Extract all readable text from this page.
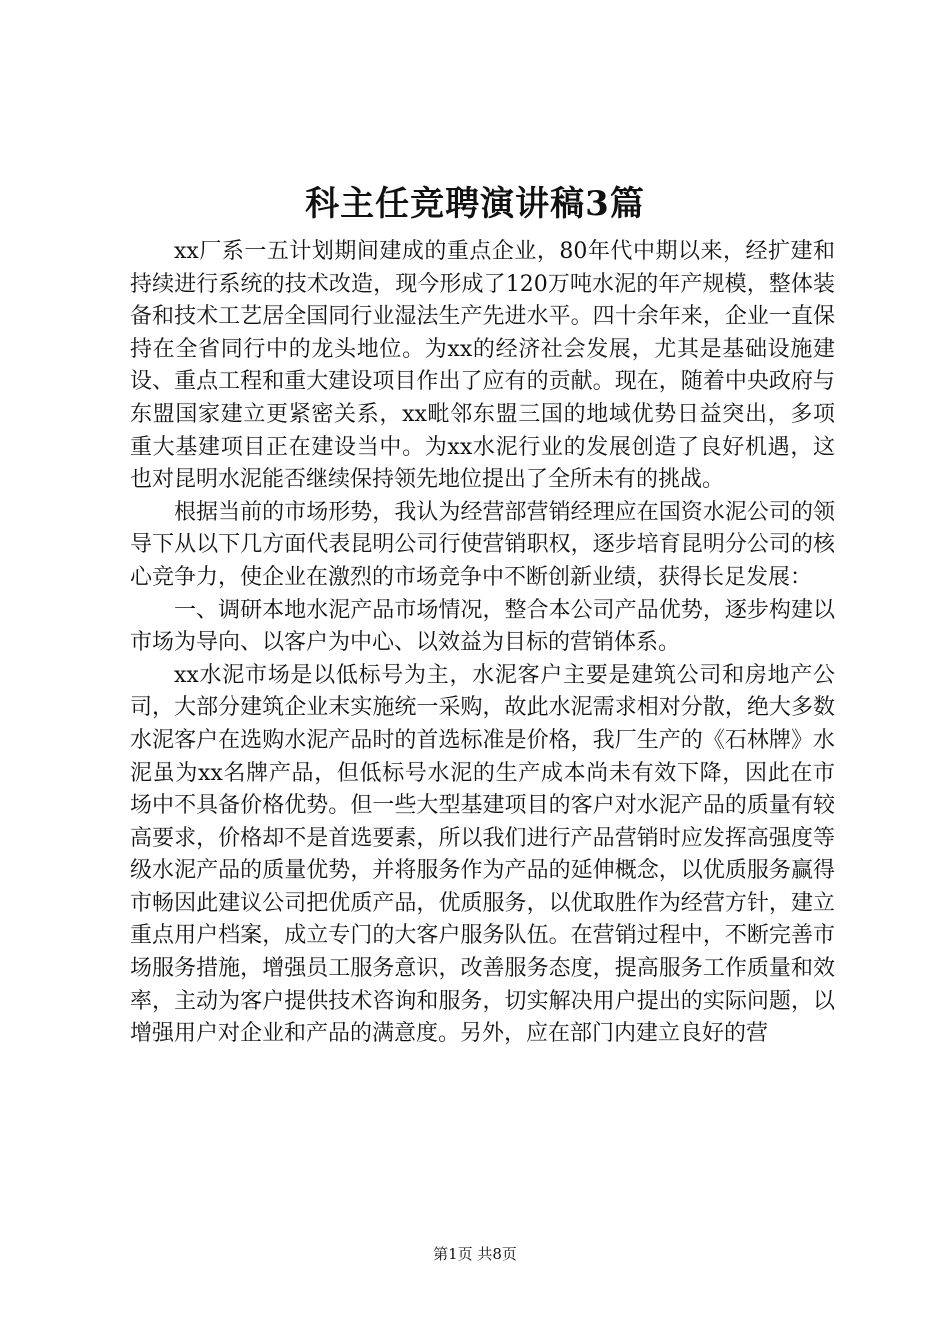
科主任竞聘演讲稿3篇

xx厂系一五计划期间建成的重点企业，80年代中期以来，经扩建和持续进行系统的技术改造，现今形成了120万吨水泥的年产规模，整体装备和技术工艺居全国同行业湿法生产先进水平。四十余年来，企业一直保持在全省同行中的龙头地位。为xx的经济社会发展，尤其是基础设施建设、重点工程和重大建设项目作出了应有的贡献。现在，随着中央政府与东盟国家建立更紧密关系，xx毗邻东盟三国的地域优势日益突出，多项重大基建项目正在建设当中。为xx水泥行业的发展创造了良好机遇，这也对昆明水泥能否继续保持领先地位提出了全所未有的挑战。

根据当前的市场形势，我认为经营部营销经理应在国资水泥公司的领导下从以下几方面代表昆明公司行使营销职权，逐步培育昆明分公司的核心竞争力，使企业在激烈的市场竞争中不断创新业绩，获得长足发展：

一、调研本地水泥产品市场情况，整合本公司产品优势，逐步构建以市场为导向、以客户为中心、以效益为目标的营销体系。

xx水泥市场是以低标号为主，水泥客户主要是建筑公司和房地产公司，大部分建筑企业末实施统一采购，故此水泥需求相对分散，绝大多数水泥客户在选购水泥产品时的首选标准是价格，我厂生产的《石林牌》水泥虽为xx名牌产品，但低标号水泥的生产成本尚未有效下降，因此在市场中不具备价格优势。但一些大型基建项目的客户对水泥产品的质量有较高要求，价格却不是首选要素，所以我们进行产品营销时应发挥高强度等级水泥产品的质量优势，并将服务作为产品的延伸概念，以优质服务赢得市畅因此建议公司把优质产品，优质服务，以优取胜作为经营方针，建立重点用户档案，成立专门的大客户服务队伍。在营销过程中，不断完善市场服务措施，增强员工服务意识，改善服务态度，提高服务工作质量和效率，主动为客户提供技术咨询和服务，切实解决用户提出的实际问题，以增强用户对企业和产品的满意度。另外，应在部门内建立良好的营

第1页 共8页
